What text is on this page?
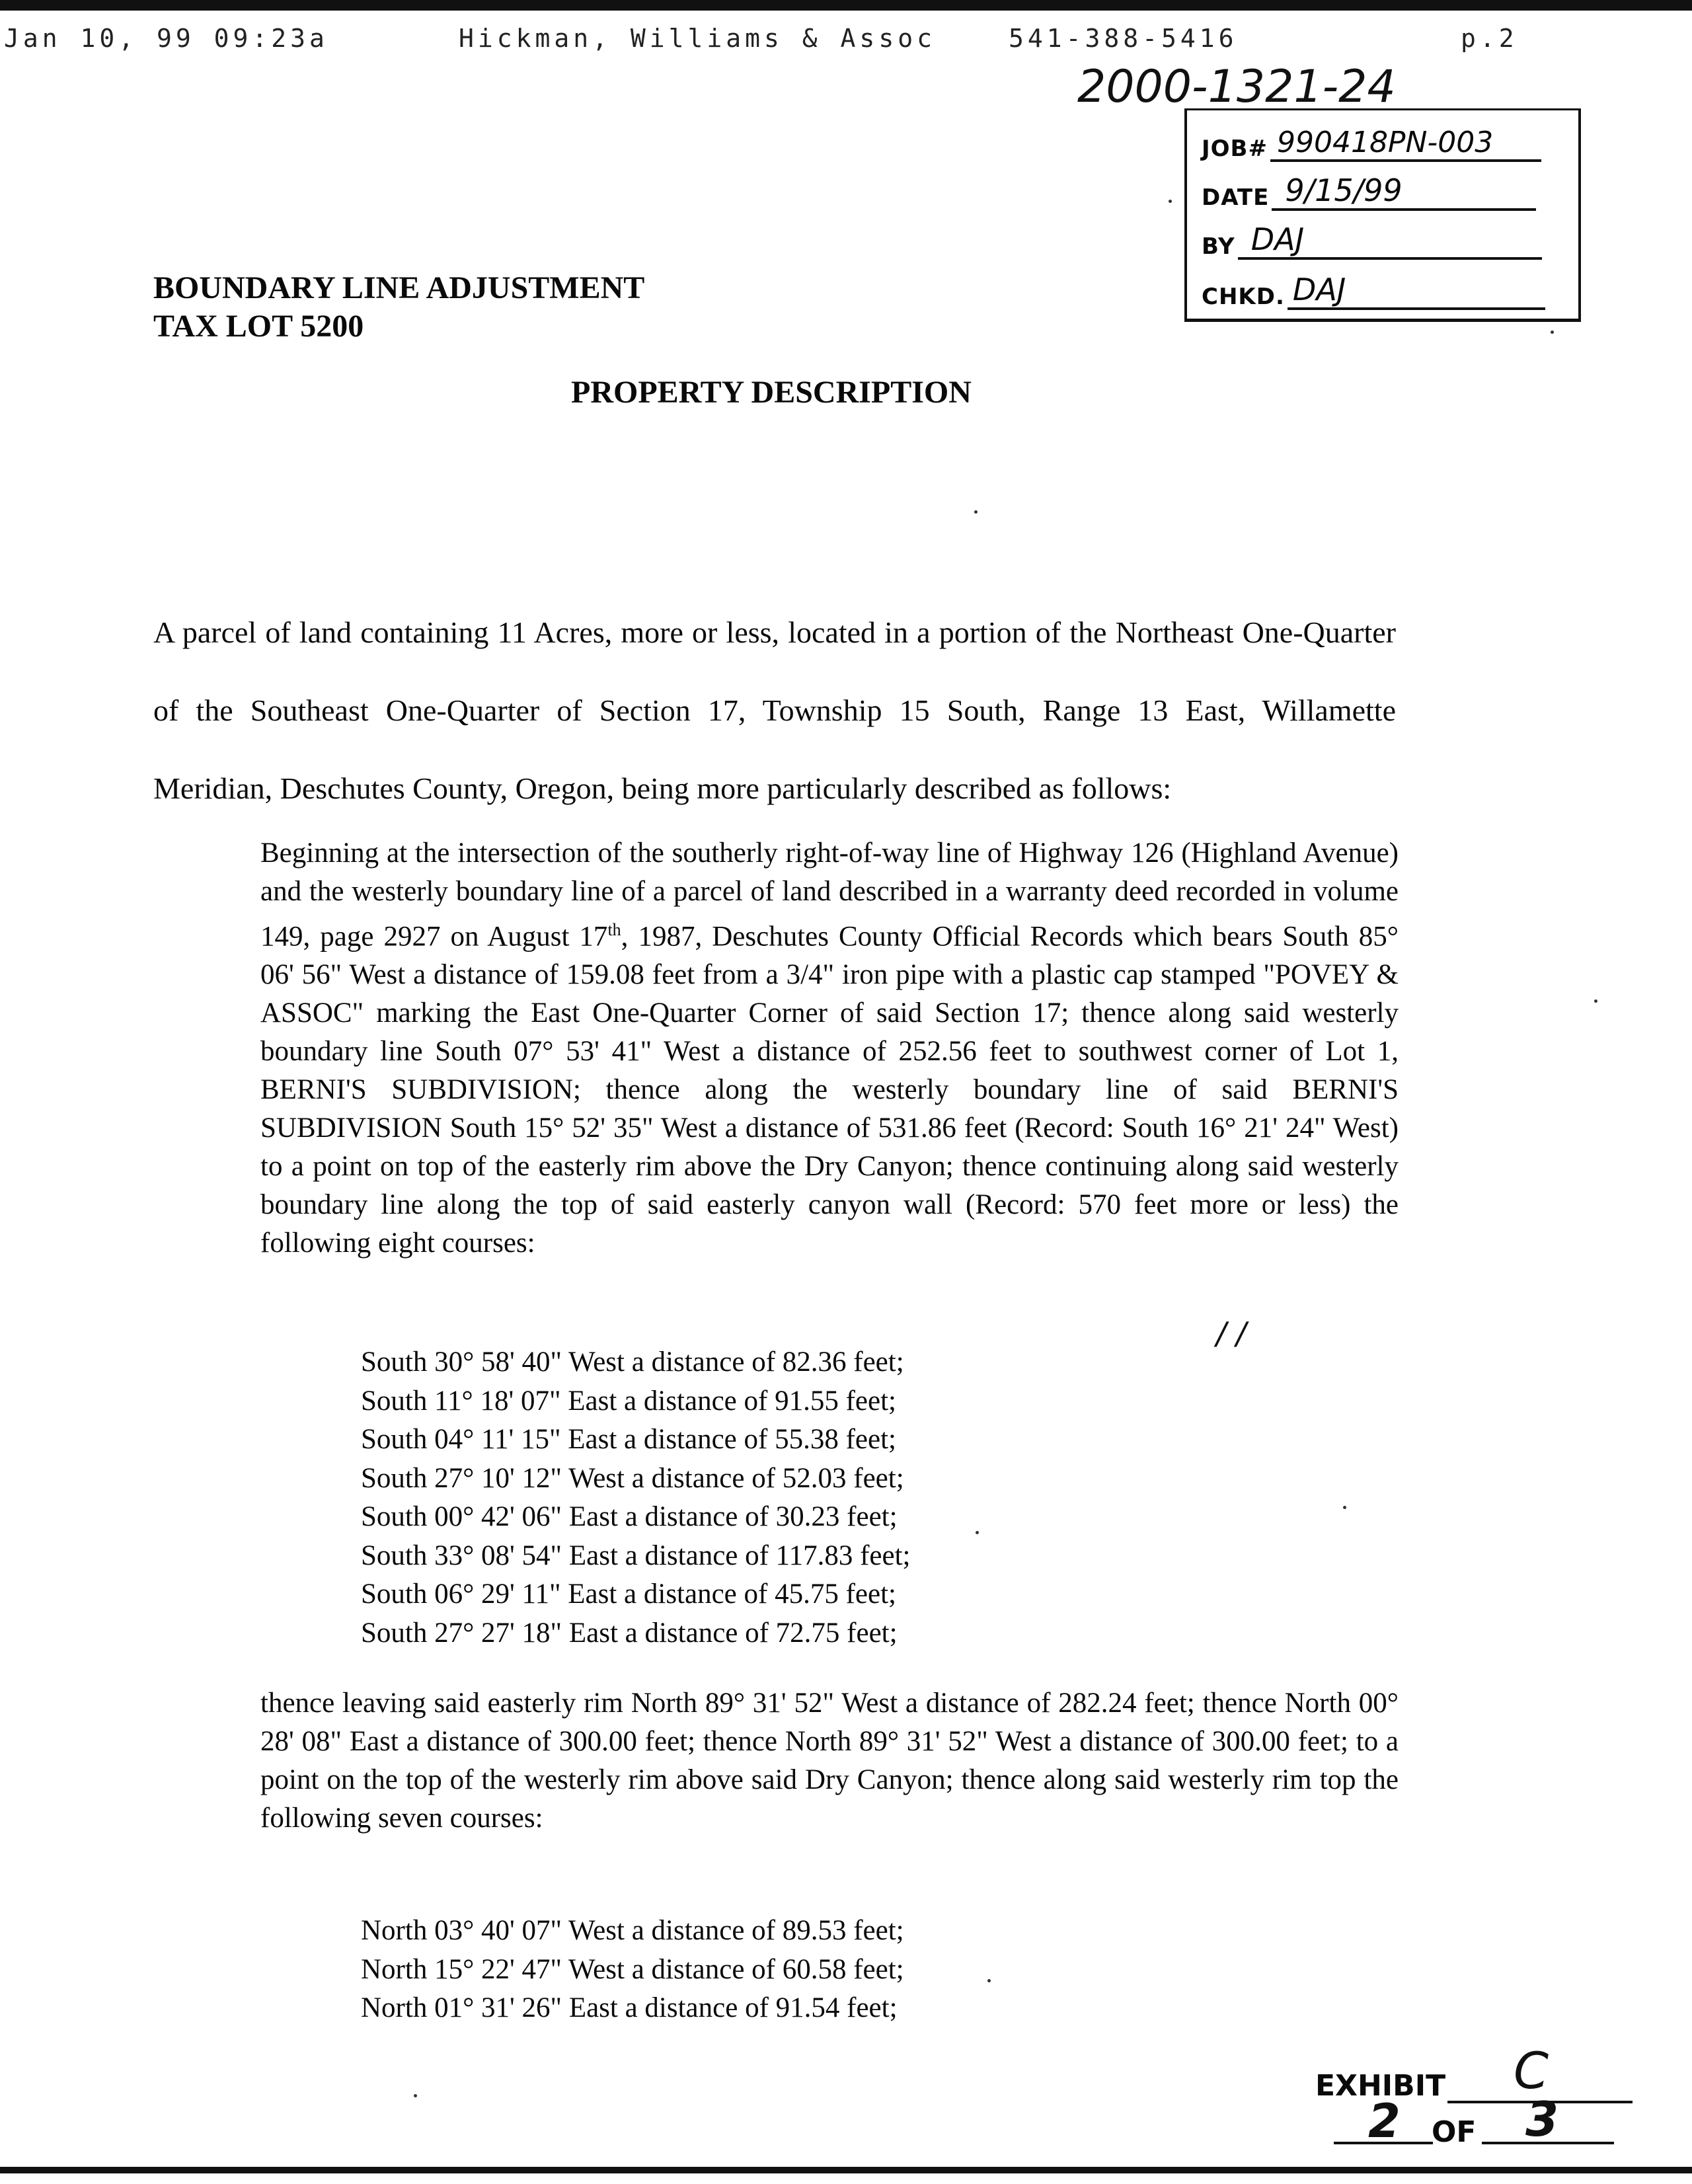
Jan 10, 99 09:23a	Hickman, Williams & Assoc	541-388-5416	p.2
2000-1321-24
JOB# 990418PN-003
DATE 9/15/99
BY DAJ
CHKD. DAJ
BOUNDARY LINE ADJUSTMENT
TAX LOT 5200
PROPERTY DESCRIPTION
A parcel of land containing 11 Acres, more or less, located in a portion of the Northeast One-Quarter of the Southeast One-Quarter of Section 17, Township 15 South, Range 13 East, Willamette Meridian, Deschutes County, Oregon, being more particularly described as follows:
Beginning at the intersection of the southerly right-of-way line of Highway 126 (Highland Avenue) and the westerly boundary line of a parcel of land described in a warranty deed recorded in volume 149, page 2927 on August 17th, 1987, Deschutes County Official Records which bears South 85° 06' 56" West a distance of 159.08 feet from a 3/4" iron pipe with a plastic cap stamped "POVEY & ASSOC" marking the East One-Quarter Corner of said Section 17; thence along said westerly boundary line South 07° 53' 41" West a distance of 252.56 feet to southwest corner of Lot 1, BERNI'S SUBDIVISION; thence along the westerly boundary line of said BERNI'S SUBDIVISION South 15° 52' 35" West a distance of 531.86 feet (Record: South 16° 21' 24" West) to a point on top of the easterly rim above the Dry Canyon; thence continuing along said westerly boundary line along the top of said easterly canyon wall (Record: 570 feet more or less) the following eight courses:
South 30° 58' 40" West a distance of 82.36 feet;
South 11° 18' 07" East a distance of 91.55 feet;
South 04° 11' 15" East a distance of 55.38 feet;
South 27° 10' 12" West a distance of 52.03 feet;
South 00° 42' 06" East a distance of 30.23 feet;
South 33° 08' 54" East a distance of 117.83 feet;
South 06° 29' 11" East a distance of 45.75 feet;
South 27° 27' 18" East a distance of 72.75 feet;
thence leaving said easterly rim North 89° 31' 52" West a distance of 282.24 feet; thence North 00° 28' 08" East a distance of 300.00 feet; thence North 89° 31' 52" West a distance of 300.00 feet; to a point on the top of the westerly rim above said Dry Canyon; thence along said westerly rim top the following seven courses:
North 03° 40' 07" West a distance of 89.53 feet;
North 15° 22' 47" West a distance of 60.58 feet;
North 01° 31' 26" East a distance of 91.54 feet;
EXHIBIT C
2 OF 3
/ /
